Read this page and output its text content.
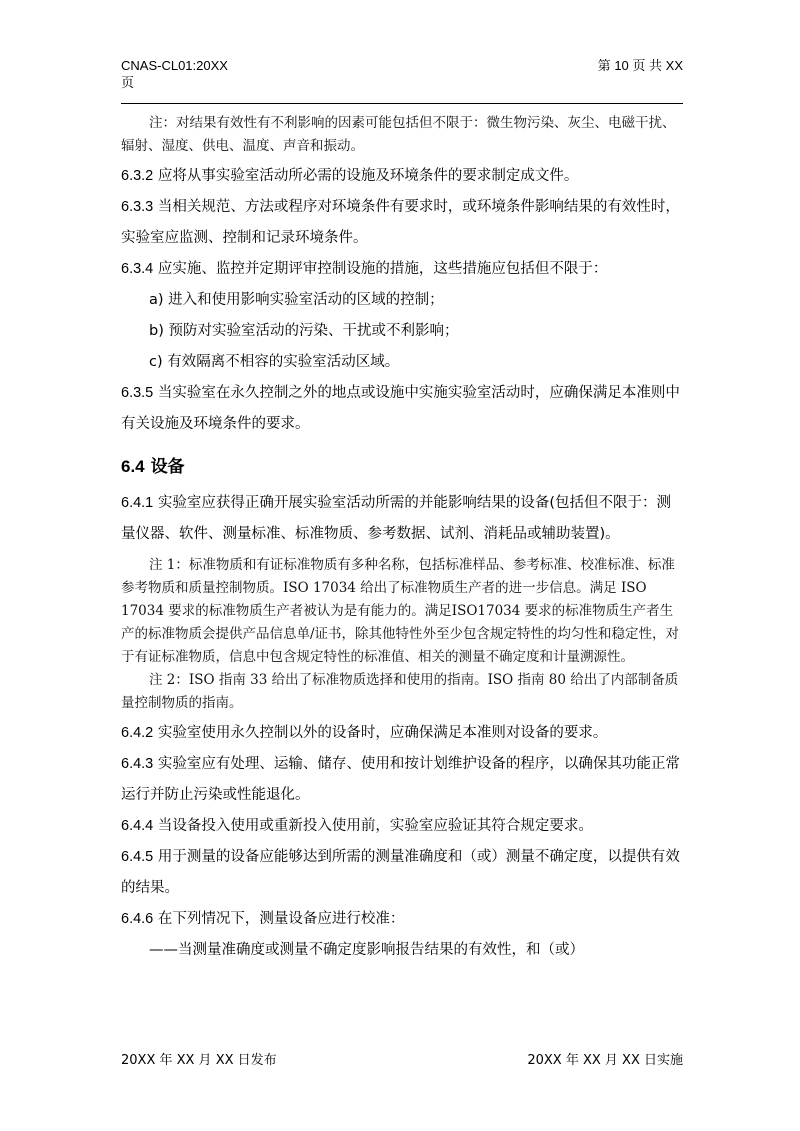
CNAS-CL01:20XX
页
第 10 页 共 XX

注：对结果有效性有不利影响的因素可能包括但不限于：微生物污染、灰尘、电磁干扰、辐射、湿度、供电、温度、声音和振动。

6.3.2 应将从事实验室活动所必需的设施及环境条件的要求制定成文件。

6.3.3 当相关规范、方法或程序对环境条件有要求时，或环境条件影响结果的有效性时，实验室应监测、控制和记录环境条件。

6.3.4 应实施、监控并定期评审控制设施的措施，这些措施应包括但不限于：

a) 进入和使用影响实验室活动的区域的控制；

b) 预防对实验室活动的污染、干扰或不利影响；

c) 有效隔离不相容的实验室活动区域。

6.3.5 当实验室在永久控制之外的地点或设施中实施实验室活动时，应确保满足本准则中有关设施及环境条件的要求。

6.4 设备

6.4.1 实验室应获得正确开展实验室活动所需的并能影响结果的设备(包括但不限于：测量仪器、软件、测量标准、标准物质、参考数据、试剂、消耗品或辅助装置)。

注 1：标准物质和有证标准物质有多种名称，包括标准样品、参考标准、校准标准、标准参考物质和质量控制物质。ISO 17034 给出了标准物质生产者的进一步信息。满足 ISO 17034 要求的标准物质生产者被认为是有能力的。满足ISO17034 要求的标准物质生产者生产的标准物质会提供产品信息单/证书，除其他特性外至少包含规定特性的均匀性和稳定性，对于有证标准物质，信息中包含规定特性的标准值、相关的测量不确定度和计量溯源性。

注 2：ISO 指南 33 给出了标准物质选择和使用的指南。ISO 指南 80 给出了内部制备质量控制物质的指南。

6.4.2 实验室使用永久控制以外的设备时，应确保满足本准则对设备的要求。

6.4.3 实验室应有处理、运输、储存、使用和按计划维护设备的程序，以确保其功能正常运行并防止污染或性能退化。

6.4.4 当设备投入使用或重新投入使用前，实验室应验证其符合规定要求。

6.4.5 用于测量的设备应能够达到所需的测量准确度和（或）测量不确定度，以提供有效的结果。

6.4.6 在下列情况下，测量设备应进行校准：

——当测量准确度或测量不确定度影响报告结果的有效性，和（或）

20XX 年 XX 月 XX 日发布	20XX 年 XX 月 XX 日实施
